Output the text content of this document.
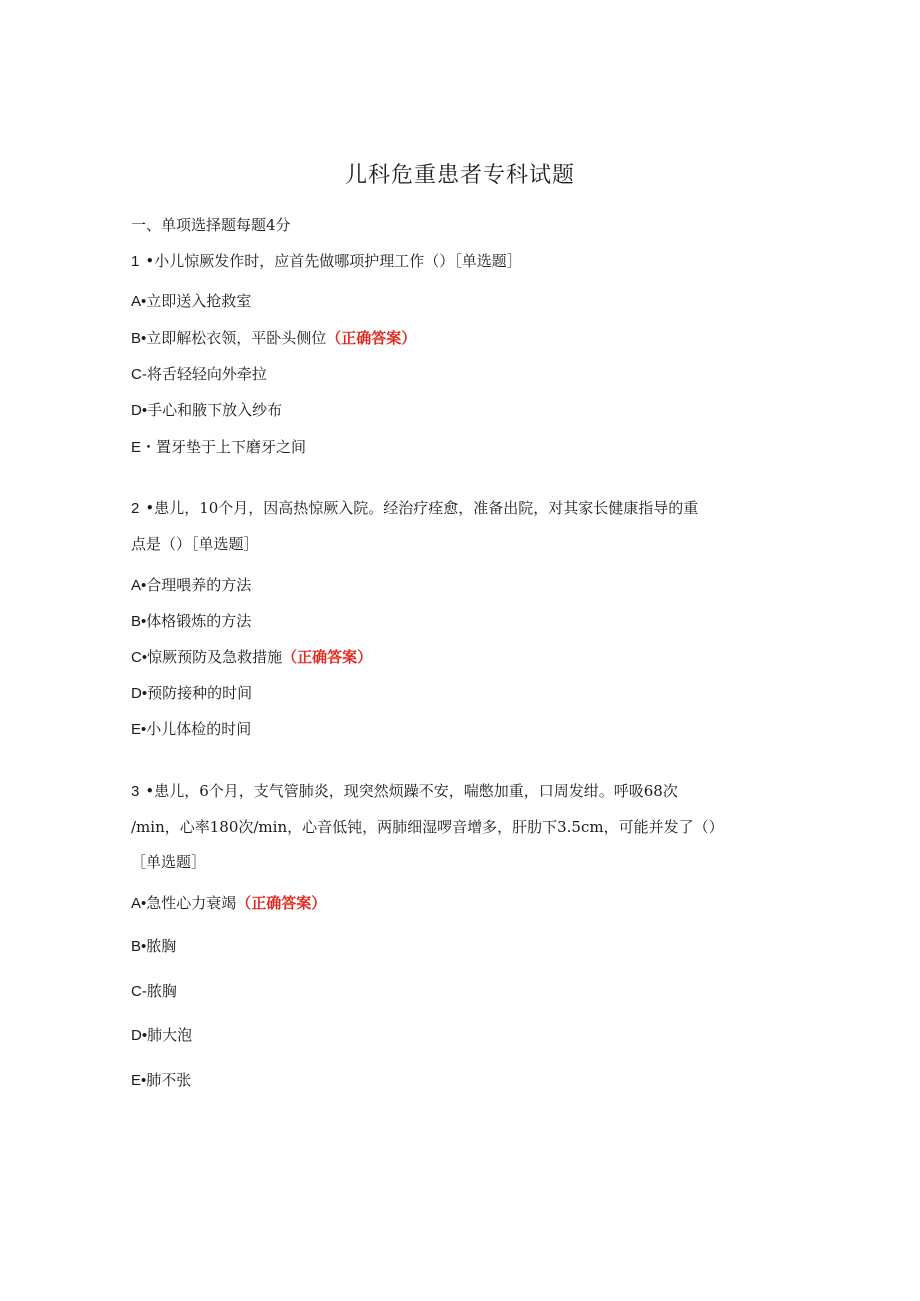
儿科危重患者专科试题
一、单项选择题每题4分
1 •小儿惊厥发作时，应首先做哪项护理工作（）［单选题］
A•立即送入抢救室
B•立即解松衣领，平卧头侧位（正确答案）
C-将舌轻轻向外牵拉
D•手心和腋下放入纱布
E・置牙垫于上下磨牙之间
2 •患儿，10个月，因高热惊厥入院。经治疗痊愈，准备出院，对其家长健康指导的重
点是（）［单选题］
A•合理喂养的方法
B•体格锻炼的方法
C•惊厥预防及急救措施（正确答案）
D•预防接种的时间
E•小儿体检的时间
3 •患儿，6个月，支气管肺炎，现突然烦躁不安，喘憋加重，口周发绀。呼吸68次
/min，心率180次/min，心音低钝，两肺细湿啰音增多，肝肋下3.5cm，可能并发了（）
［单选题］
A•急性心力衰竭（正确答案）
B•脓胸
C-脓胸
D•肺大泡
E•肺不张
